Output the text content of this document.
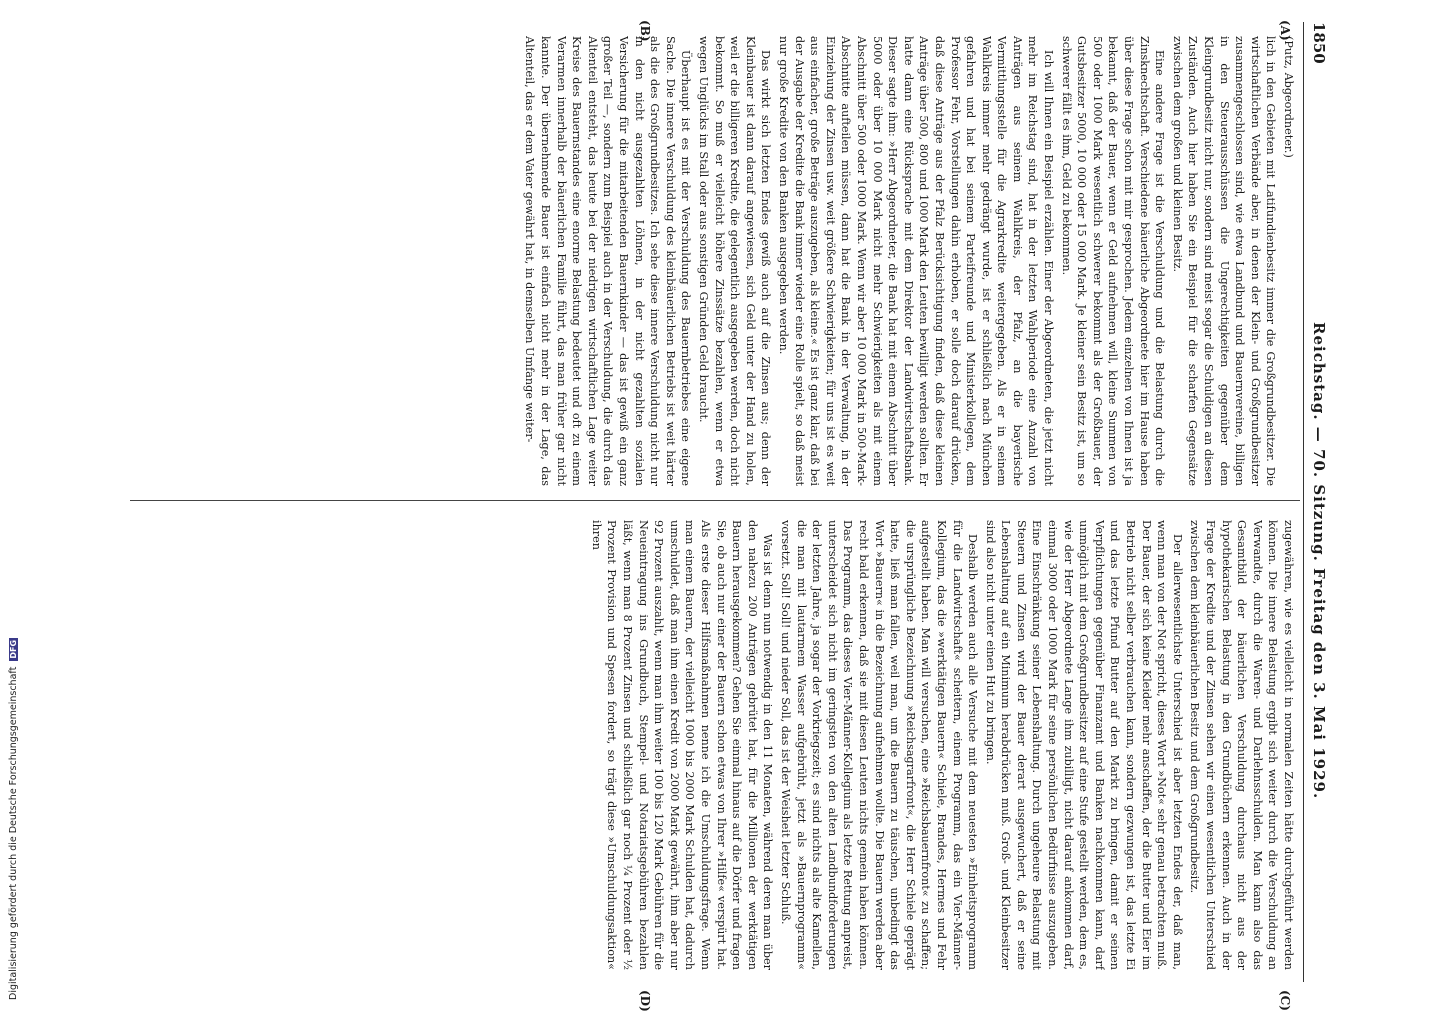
1850
Reichstag. — 70. Sitzung. Freitag den 3. Mai 1929.
(A)
(B)
(C)
(D)

(Putz, Abgeordneter.)

lich in den Gebieten mit Latifundienbesitz immer die Großgrundbesitzer. Die wirtschaftlichen Verbände aber, in denen der Klein- und Großgrundbesitzer zusammengeschlossen sind, wie etwa Landbund und Bauernvereine, billigen in den Steuerausschüssen die Ungerechtigkeiten gegenüber dem Kleingrundbesitz nicht nur, sondern sind meist sogar die Schuldigen an diesen Zuständen. Auch hier haben Sie ein Beispiel für die scharfen Gegensätze zwischen dem großen und kleinen Besitz.

Eine andere Frage ist die Verschuldung und die Belastung durch die Zinsknechtschaft. Verschiedene bäuerliche Abgeordnete hier im Hause haben über diese Frage schon mit mir gesprochen. Jedem einzelnen von Ihnen ist ja bekannt, daß der Bauer, wenn er Geld aufnehmen will, kleine Summen von 500 oder 1000 Mark wesentlich schwerer bekommt als der Großbauer, der Gutsbesitzer 5000, 10 000 oder 15 000 Mark. Je kleiner sein Besitz ist, um so schwerer fällt es ihm, Geld zu bekommen.

Ich will Ihnen ein Beispiel erzählen. Einer der Abgeordneten, die jetzt nicht mehr im Reichstag sind, hat in der letzten Wahlperiode eine Anzahl von Anträgen aus seinem Wahlkreis, der Pfalz, an die bayerische Vermittlungsstelle für die Agrarkredite weitergegeben. Als er in seinem Wahlkreis immer mehr gedrängt wurde, ist er schließlich nach München gefahren und hat bei seinem Parteifreunde und Ministerkollegen, dem Professor Fehr, Vorstellungen dahin erhoben, er solle doch darauf drücken, daß diese Anträge aus der Pfalz Berücksichtigung finden, daß diese kleinen Anträge über 500, 800 und 1000 Mark den Leuten bewilligt werden sollten. Er hatte dann eine Rücksprache mit dem Direktor der Landwirtschaftsbank. Dieser sagte ihm: »Herr Abgeordneter, die Bank hat mit einem Abschnitt über 5000 oder über 10 000 Mark nicht mehr Schwierigkeiten als mit einem Abschnitt über 500 oder 1000 Mark. Wenn wir aber 10 000 Mark in 500-Mark-Abschnitte aufteilen müssen, dann hat die Bank in der Verwaltung, in der Einziehung der Zinsen usw. weit größere Schwierigkeiten; für uns ist es weit aus einfacher, große Beträge auszugeben, als kleine.« Es ist ganz klar, daß bei der Ausgabe der Kredite die Bank immer wieder eine Rolle spielt, so daß meist nur große Kredite von den Banken ausgegeben werden.

Das wirkt sich letzten Endes gewiß auch auf die Zinsen aus; denn der Kleinbauer ist dann darauf angewiesen, sich Geld unter der Hand zu holen, weil er die billigeren Kredite, die gelegentlich ausgegeben werden, doch nicht bekommt. So muß er vielleicht höhere Zinssätze bezahlen, wenn er etwa wegen Unglücks im Stall oder aus sonstigen Gründen Geld braucht.

Überhaupt ist es mit der Verschuldung des Bauernbetriebes eine eigene Sache. Die innere Verschuldung des kleinbäuerlichen Betriebs ist weit härter als die des Großgrundbesitzes. Ich sehe diese innere Verschuldung nicht nur in den nicht ausgezahlten Löhnen, in der nicht gezahlten sozialen Versicherung für die mitarbeitenden Bauernkinder — das ist gewiß ein ganz großer Teil —, sondern zum Beispiel auch in der Verschuldung, die durch das Altenteil entsteht, das heute bei der niedrigen wirtschaftlichen Lage weiter Kreise des Bauernstandes eine enorme Belastung bedeutet und oft zu einem Verarmen innerhalb der bäuerlichen Familie führt, das man früher gar nicht kannte. Der übernehmende Bauer ist einfach nicht mehr in der Lage, das Altenteil, das er dem Vater gewährt hat, in demselben Umfange weiter-

zugewähren, wie es vielleicht in normalen Zeiten hätte durchgeführt werden können. Die innere Belastung ergibt sich weiter durch die Verschuldung an Verwandte, durch die Waren- und Darlehnsschulden. Man kann also das Gesamtbild der bäuerlichen Verschuldung durchaus nicht aus der hypothekarischen Belastung in den Grundbüchern erkennen. Auch in der Frage der Kredite und der Zinsen sehen wir einen wesentlichen Unterschied zwischen dem kleinbäuerlichen Besitz und dem Großgrundbesitz.

Der allerwesentlichste Unterschied ist aber letzten Endes der, daß man, wenn man von der Not spricht, dieses Wort »Not« sehr genau betrachten muß. Der Bauer, der sich keine Kleider mehr anschaffen, der die Butter und Eier im Betrieb nicht selber verbrauchen kann, sondern gezwungen ist, das letzte Ei und das letzte Pfund Butter auf den Markt zu bringen, damit er seinen Verpflichtungen gegenüber Finanzamt und Banken nachkommen kann, darf unmöglich mit dem Großgrundbesitzer auf eine Stufe gestellt werden, dem es, wie der Herr Abgeordnete Lange ihm zubilligt, nicht darauf ankommen darf, einmal 3000 oder 1000 Mark für seine persönlichen Bedürfnisse auszugeben. Eine Einschränkung seiner Lebenshaltung. Durch ungeheure Belastung mit Steuern und Zinsen wird der Bauer derart ausgewuchert, daß er seine Lebenshaltung auf ein Minimum herabdrücken muß. Groß- und Kleinbesitzer sind also nicht unter einen Hut zu bringen.

Deshalb werden auch alle Versuche mit dem neuesten »Einheitsprogramm für die Landwirtschaft« scheitern, einem Programm, das ein Vier-Männer-Kollegium, das die »werktätigen Bauern« Schiele, Brandes, Hermes und Fehr aufgestellt haben. Man will versuchen, eine »Reichsbauernfront« zu schaffen; die ursprüngliche Bezeichnung »Reichsagrarfront«, die Herr Schiele geprägt hatte, ließ man fallen, weil man, um die Bauern zu täuschen, unbedingt das Wort »Bauern« in die Bezeichnung aufnehmen wollte. Die Bauern werden aber recht bald erkennen, daß sie mit diesen Leuten nichts gemein haben können. Das Programm, das dieses Vier-Männer-Kollegium als letzte Rettung anpreist, unterscheidet sich nicht im geringsten von den alten Landbundforderungen der letzten Jahre, ja sogar der Vorkriegszeit; es sind nichts als alte Kamellen, die man mit lautarmem Wasser aufgebrüht, jetzt als »Bauernprogramm« vorsetzt. Soll! Soll! und nieder Soll, das ist der Weisheit letzter Schluß.

Was ist denn nun notwendig in den 11 Monaten, während deren man über den nahezu 200 Anträgen gebrütet hat, für die Millionen der werktätigen Bauern herausgekommen? Gehen Sie einmal hinaus auf die Dörfer und fragen Sie, ob auch nur einer der Bauern schon etwas von Ihrer »Hilfe« verspürt hat. Als erste dieser Hilfsmaßnahmen nenne ich die Umschuldungsfrage. Wenn man einem Bauern, der vielleicht 1000 bis 2000 Mark Schulden hat, dadurch umschuldet, daß man ihm einen Kredit von 2000 Mark gewährt, ihm aber nur 92 Prozent auszahlt, wenn man ihm weiter 100 bis 120 Mark Gebühren für die Neueintragung ins Grundbuch, Stempel- und Notariatsgebühren bezahlen läßt, wenn man 8 Prozent Zinsen und schließlich gar noch ¼ Prozent oder ½ Prozent Provision und Spesen fordert, so trägt diese »Umschuldungsaktion« ihren

Digitalisierung gefördert durch die Deutsche Forschungsgemeinschaft DFG
